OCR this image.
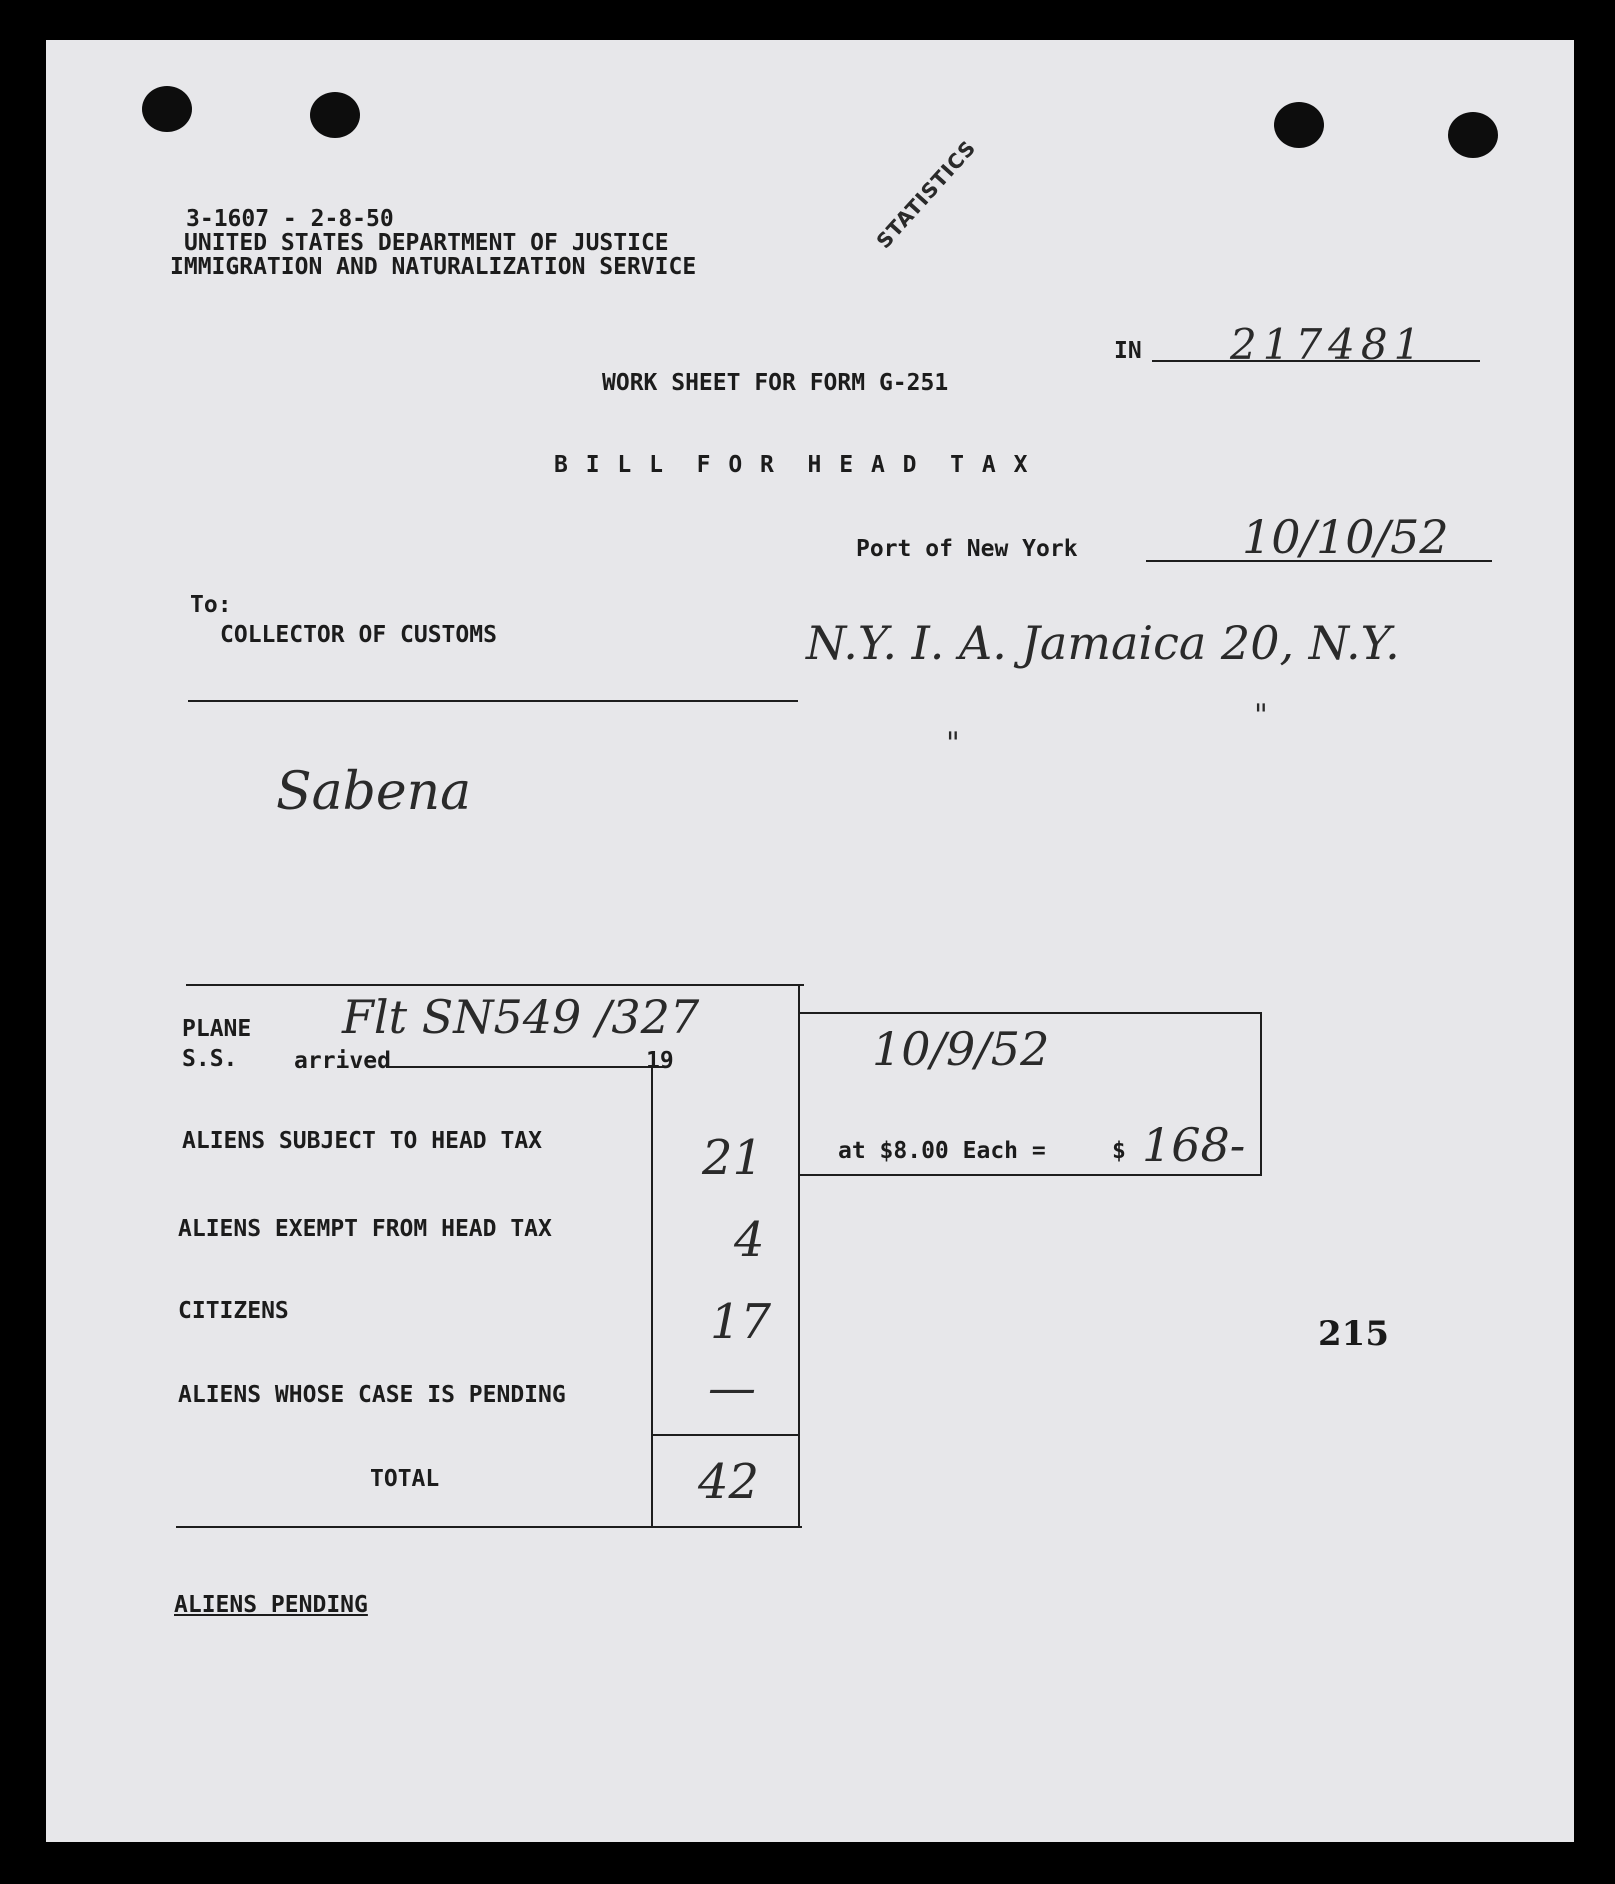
3-1607 - 2-8-50
UNITED STATES DEPARTMENT OF JUSTICE
IMMIGRATION AND NATURALIZATION SERVICE
STATISTICS
IN 217481
WORK SHEET FOR FORM G-251
B I L L  F O R  H E A D  T A X
Port of New York	10/10/52
To:
COLLECTOR OF CUSTOMS	N.Y. I. A. Jamaica 20, N.Y.
"
"
Sabena
PLANE
S.S. arrived	19
Flt SN549 /327
10/9/52
ALIENS SUBJECT TO HEAD TAX	21
ALIENS EXEMPT FROM HEAD TAX	4
CITIZENS	17
ALIENS WHOSE CASE IS PENDING	—
TOTAL	42
at $8.00 Each =	$ 168-
215
ALIENS PENDING
